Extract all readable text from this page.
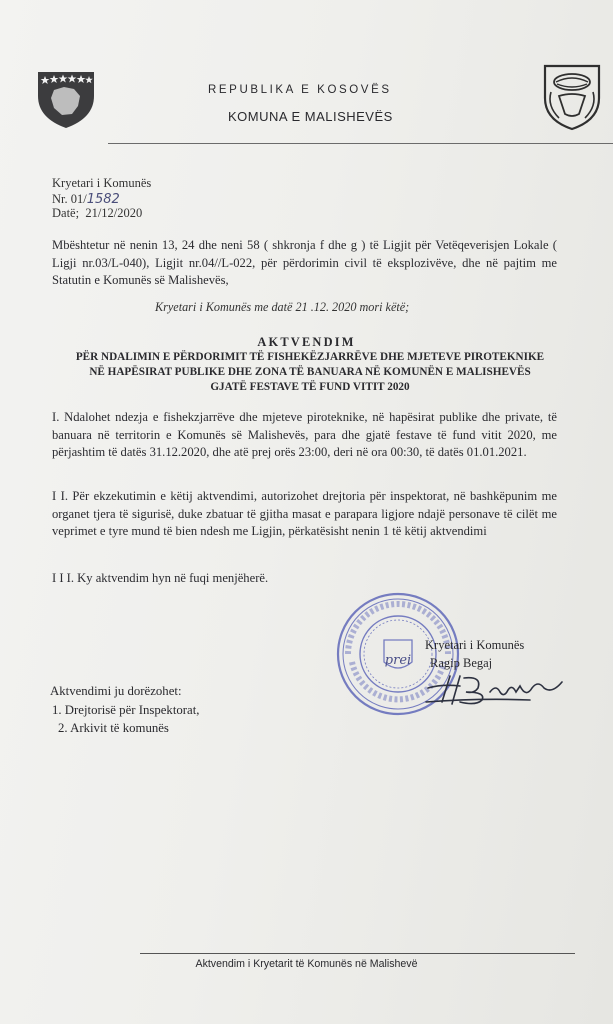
REPUBLIKA E KOSOVËS
KOMUNA E MALISHEVËS
Kryetari i Komunës
Nr. 01/1582
Datë; 21/12/2020
Mbështetur në nenin 13, 24 dhe neni 58 ( shkronja f dhe g ) të Ligjit për Vetëqeverisjen Lokale ( Ligji nr.03/L-040), Ligjit nr.04//L-022, për përdorimin civil të eksplozivëve, dhe në pajtim me Statutin e Komunës së Malishevës,
Kryetari i Komunës me datë 21 .12. 2020 mori këtë;
AKTVENDIM
PËR NDALIMIN E PËRDORIMIT TË FISHEKËZJARRËVE DHE MJETEVE PIROTEKNIKE
NË HAPËSIRAT PUBLIKE DHE ZONA TË BANUARA NË KOMUNËN E MALISHEVËS
GJATË FESTAVE TË FUND VITIT 2020
I. Ndalohet ndezja e fishekzjarrëve dhe mjeteve piroteknike, në hapësirat publike dhe private, të banuara në territorin e Komunës së Malishevës, para dhe gjatë festave të fund vitit 2020, me përjashtim të datës 31.12.2020, dhe atë prej orës 23:00, deri në ora 00:30, të datës 01.01.2021.
I I. Për ekzekutimin e këtij aktvendimi, autorizohet drejtoria për inspektorat, në bashkëpunim me organet tjera të sigurisë, duke zbatuar të gjitha masat e parapara ligjore ndajë personave të cilët me veprimet e tyre mund të bien ndesh me Ligjin, përkatësisht nenin 1 të këtij aktvendimi
I I I. Ky aktvendim hyn në fuqi menjëherë.
prei
Kryetari i Komunës
Ragip Begaj
Aktvendimi ju dorëzohet:
1. Drejtorisë për Inspektorat,
2. Arkivit të komunës
Aktvendim i Kryetarit të Komunës në Malishevë
